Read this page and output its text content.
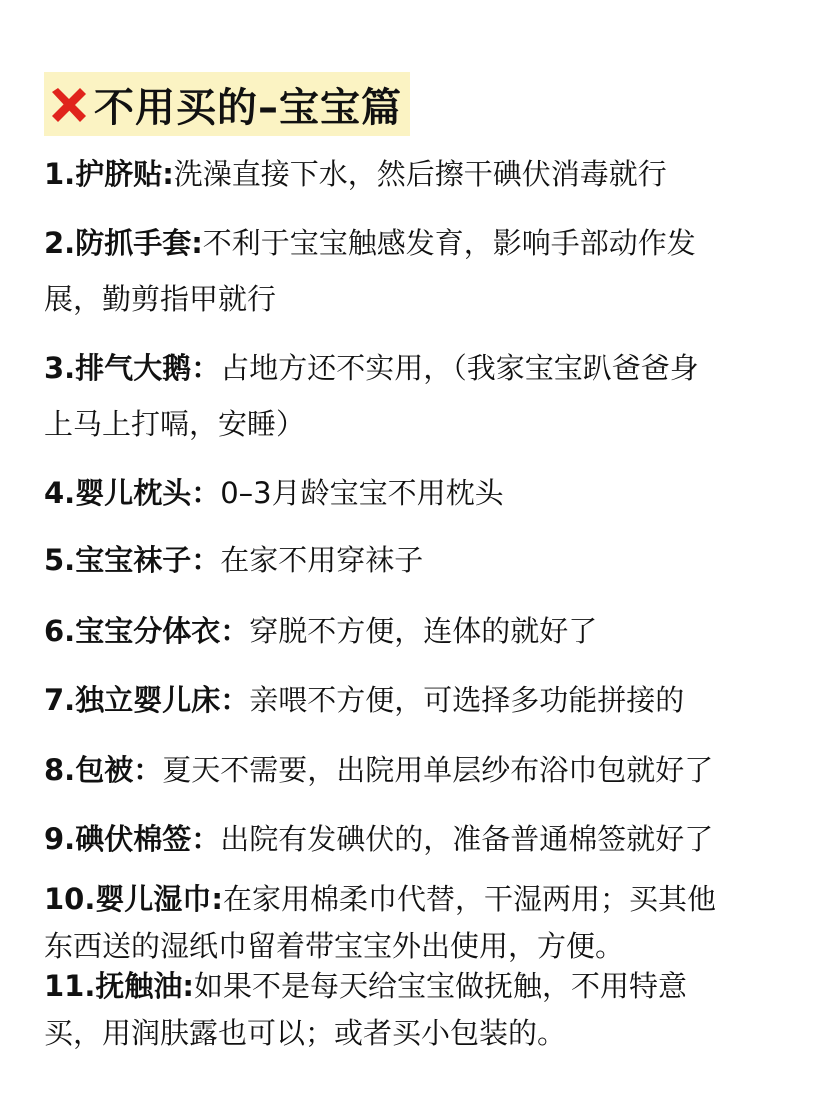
不用买的–宝宝篇
1.护脐贴:洗澡直接下水，然后擦干碘伏消毒就行
2.防抓手套:不利于宝宝触感发育，影响手部动作发
展，勤剪指甲就行
3.排气大鹅：占地方还不实用，（我家宝宝趴爸爸身
上马上打嗝，安睡）
4.婴儿枕头：0–3月龄宝宝不用枕头
5.宝宝袜子：在家不用穿袜子
6.宝宝分体衣：穿脱不方便，连体的就好了
7.独立婴儿床：亲喂不方便，可选择多功能拼接的
8.包被：夏天不需要，出院用单层纱布浴巾包就好了
9.碘伏棉签：出院有发碘伏的，准备普通棉签就好了
10.婴儿湿巾:在家用棉柔巾代替，干湿两用；买其他
东西送的湿纸巾留着带宝宝外出使用，方便。
11.抚触油:如果不是每天给宝宝做抚触，不用特意
买，用润肤露也可以；或者买小包装的。
